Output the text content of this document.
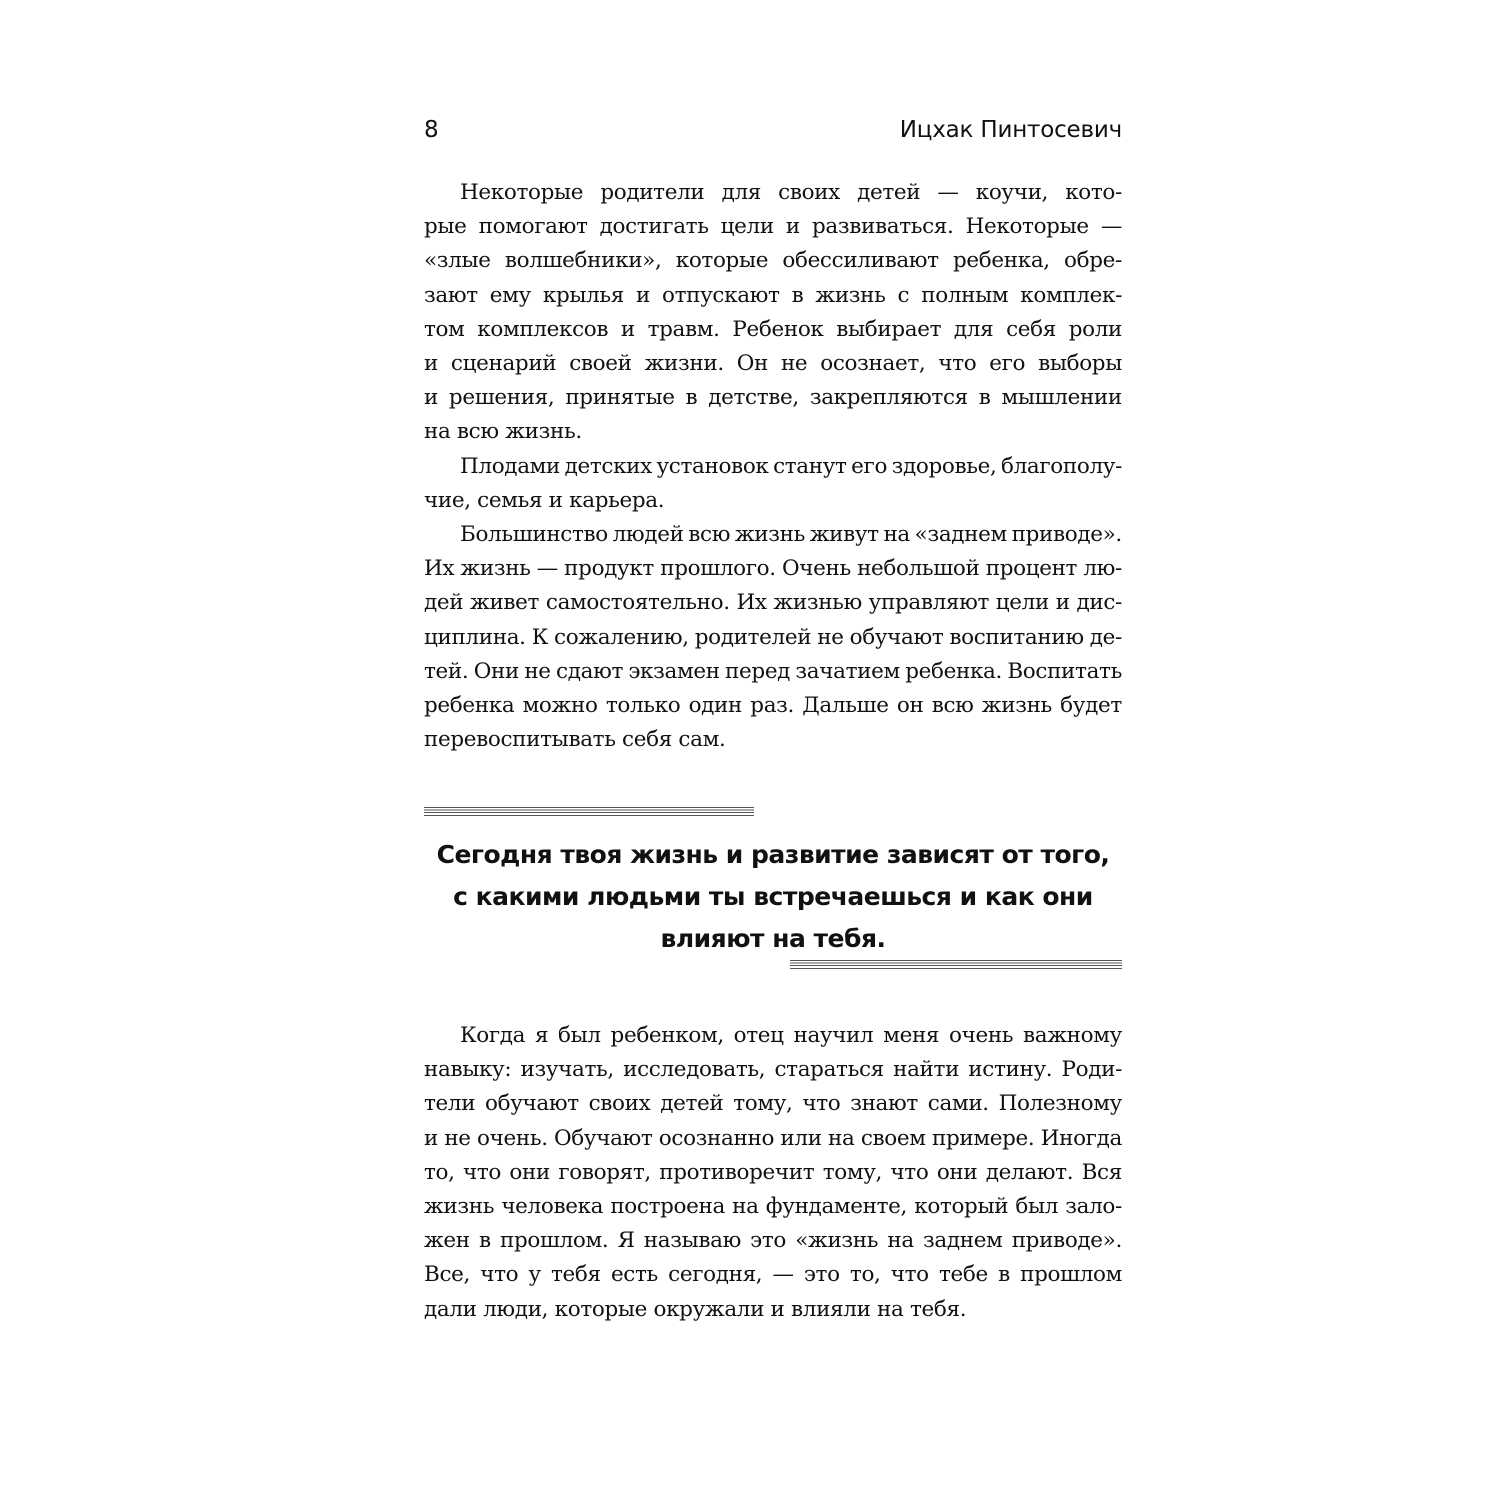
8	Ицхак Пинтосевич
Некоторые родители для своих детей — коучи, кото-
рые помогают достигать цели и развиваться. Некоторые —
«злые волшебники», которые обессиливают ребенка, обре-
зают ему крылья и отпускают в жизнь с полным комплек-
том комплексов и травм. Ребенок выбирает для себя роли
и сценарий своей жизни. Он не осознает, что его выборы
и решения, принятые в детстве, закрепляются в мышлении
на всю жизнь.
Плодами детских установок станут его здоровье, благополу-
чие, семья и карьера.
Большинство людей всю жизнь живут на «заднем приводе».
Их жизнь — продукт прошлого. Очень небольшой процент лю-
дей живет самостоятельно. Их жизнью управляют цели и дис-
циплина. К сожалению, родителей не обучают воспитанию де-
тей. Они не сдают экзамен перед зачатием ребенка. Воспитать
ребенка можно только один раз. Дальше он всю жизнь будет
перевоспитывать себя сам.
Сегодня твоя жизнь и развитие зависят от того,
с какими людьми ты встречаешься и как они
влияют на тебя.
Когда я был ребенком, отец научил меня очень важному
навыку: изучать, исследовать, стараться найти истину. Роди-
тели обучают своих детей тому, что знают сами. Полезному
и не очень. Обучают осознанно или на своем примере. Иногда
то, что они говорят, противоречит тому, что они делают. Вся
жизнь человека построена на фундаменте, который был зало-
жен в прошлом. Я называю это «жизнь на заднем приводе».
Все, что у тебя есть сегодня, — это то, что тебе в прошлом
дали люди, которые окружали и влияли на тебя.
